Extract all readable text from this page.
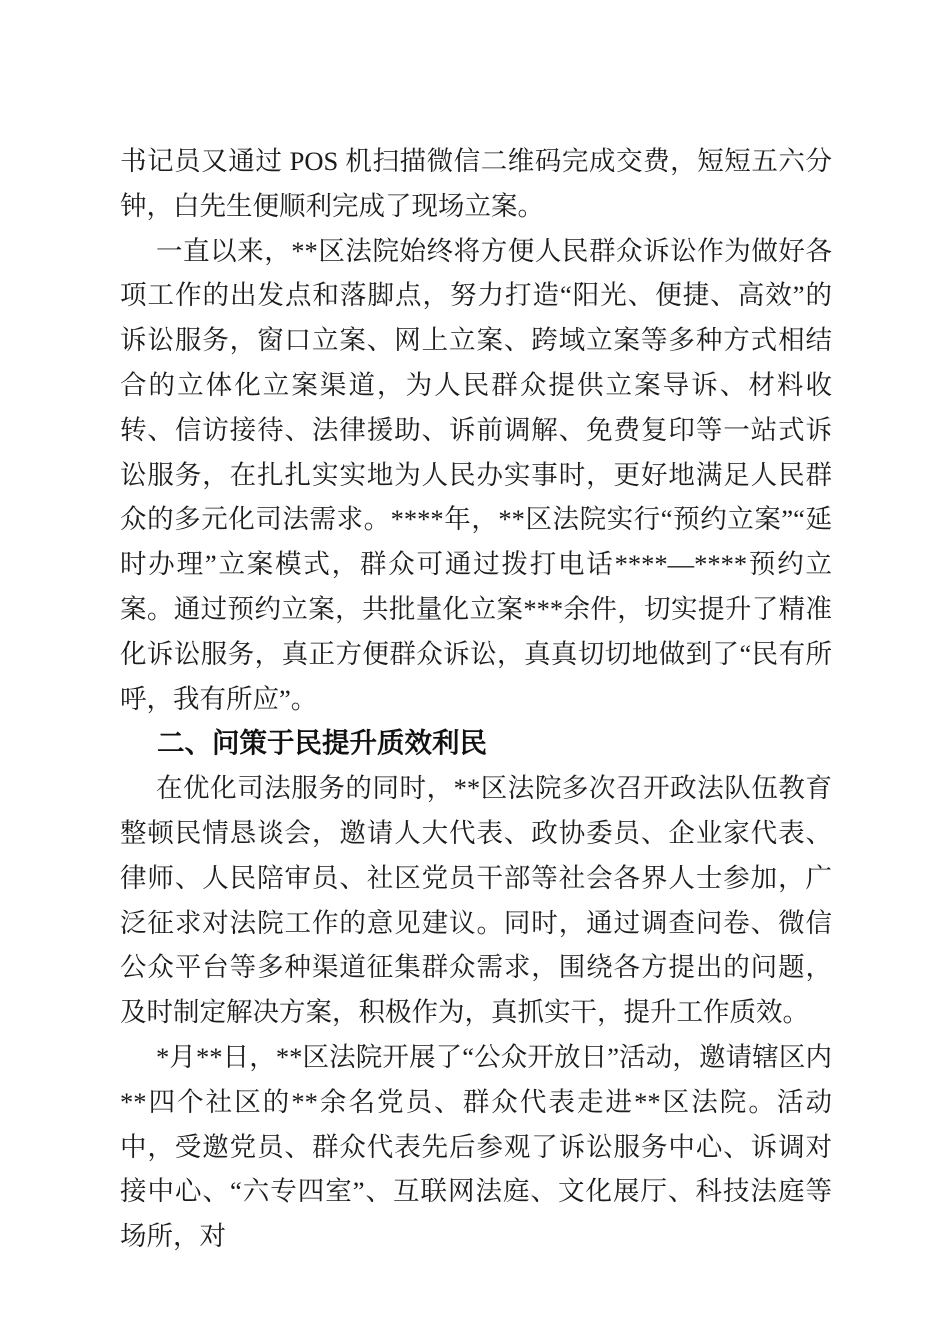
书记员又通过 POS 机扫描微信二维码完成交费，短短五六分钟，白先生便顺利完成了现场立案。

一直以来，**区法院始终将方便人民群众诉讼作为做好各项工作的出发点和落脚点，努力打造“阳光、便捷、高效”的诉讼服务，窗口立案、网上立案、跨域立案等多种方式相结合的立体化立案渠道，为人民群众提供立案导诉、材料收转、信访接待、法律援助、诉前调解、免费复印等一站式诉讼服务，在扎扎实实地为人民办实事时，更好地满足人民群众的多元化司法需求。****年，**区法院实行“预约立案”“延时办理”立案模式，群众可通过拨打电话****—****预约立案。通过预约立案，共批量化立案***余件，切实提升了精准化诉讼服务，真正方便群众诉讼，真真切切地做到了“民有所呼，我有所应”。

二、问策于民提升质效利民

在优化司法服务的同时，**区法院多次召开政法队伍教育整顿民情恳谈会，邀请人大代表、政协委员、企业家代表、律师、人民陪审员、社区党员干部等社会各界人士参加，广泛征求对法院工作的意见建议。同时，通过调查问卷、微信公众平台等多种渠道征集群众需求，围绕各方提出的问题，及时制定解决方案，积极作为，真抓实干，提升工作质效。

*月**日，**区法院开展了“公众开放日”活动，邀请辖区内**四个社区的**余名党员、群众代表走进**区法院。活动中，受邀党员、群众代表先后参观了诉讼服务中心、诉调对接中心、“六专四室”、互联网法庭、文化展厅、科技法庭等场所，对
